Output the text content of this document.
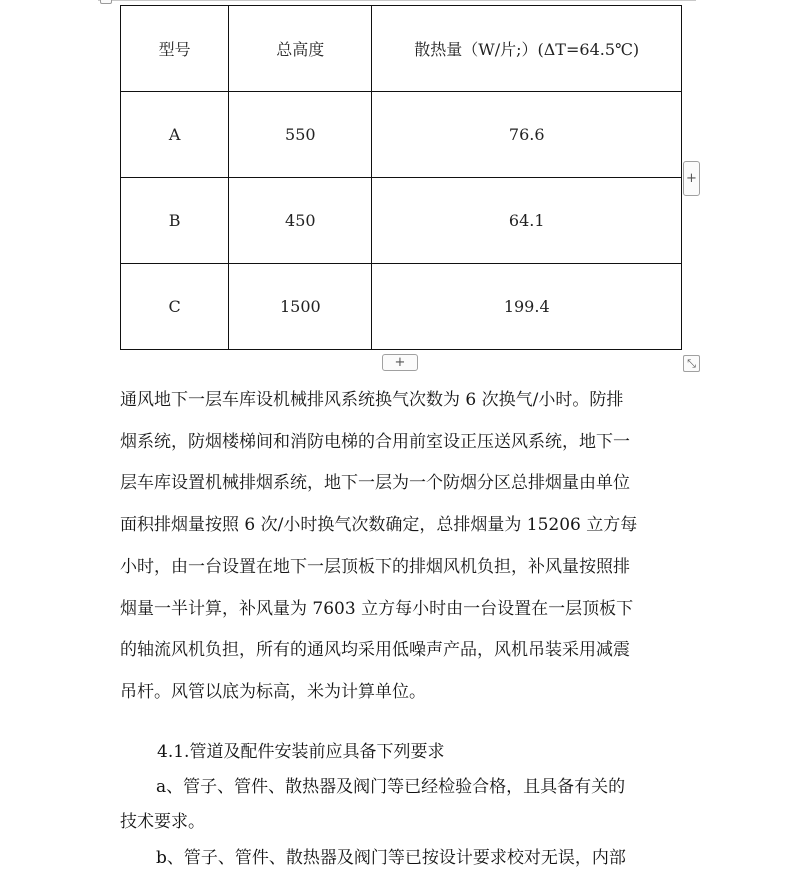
型号	总高度	散热量（W/片;）(ΔT=64.5℃)
A	550	76.6
B	450	64.1
C	1500	199.4
+
+	⤡
通风地下一层车库设机械排风系统换气次数为 6 次换气/小时。防排
烟系统，防烟楼梯间和消防电梯的合用前室设正压送风系统，地下一
层车库设置机械排烟系统，地下一层为一个防烟分区总排烟量由单位
面积排烟量按照 6 次/小时换气次数确定，总排烟量为 15206 立方每
小时，由一台设置在地下一层顶板下的排烟风机负担，补风量按照排
烟量一半计算，补风量为 7603 立方每小时由一台设置在一层顶板下
的轴流风机负担，所有的通风均采用低噪声产品，风机吊装采用减震
吊杆。风管以底为标高，米为计算单位。
4.1.管道及配件安装前应具备下列要求
a、管子、管件、散热器及阀门等已经检验合格，且具备有关的
技术要求。
b、管子、管件、散热器及阀门等已按设计要求校对无误，内部
